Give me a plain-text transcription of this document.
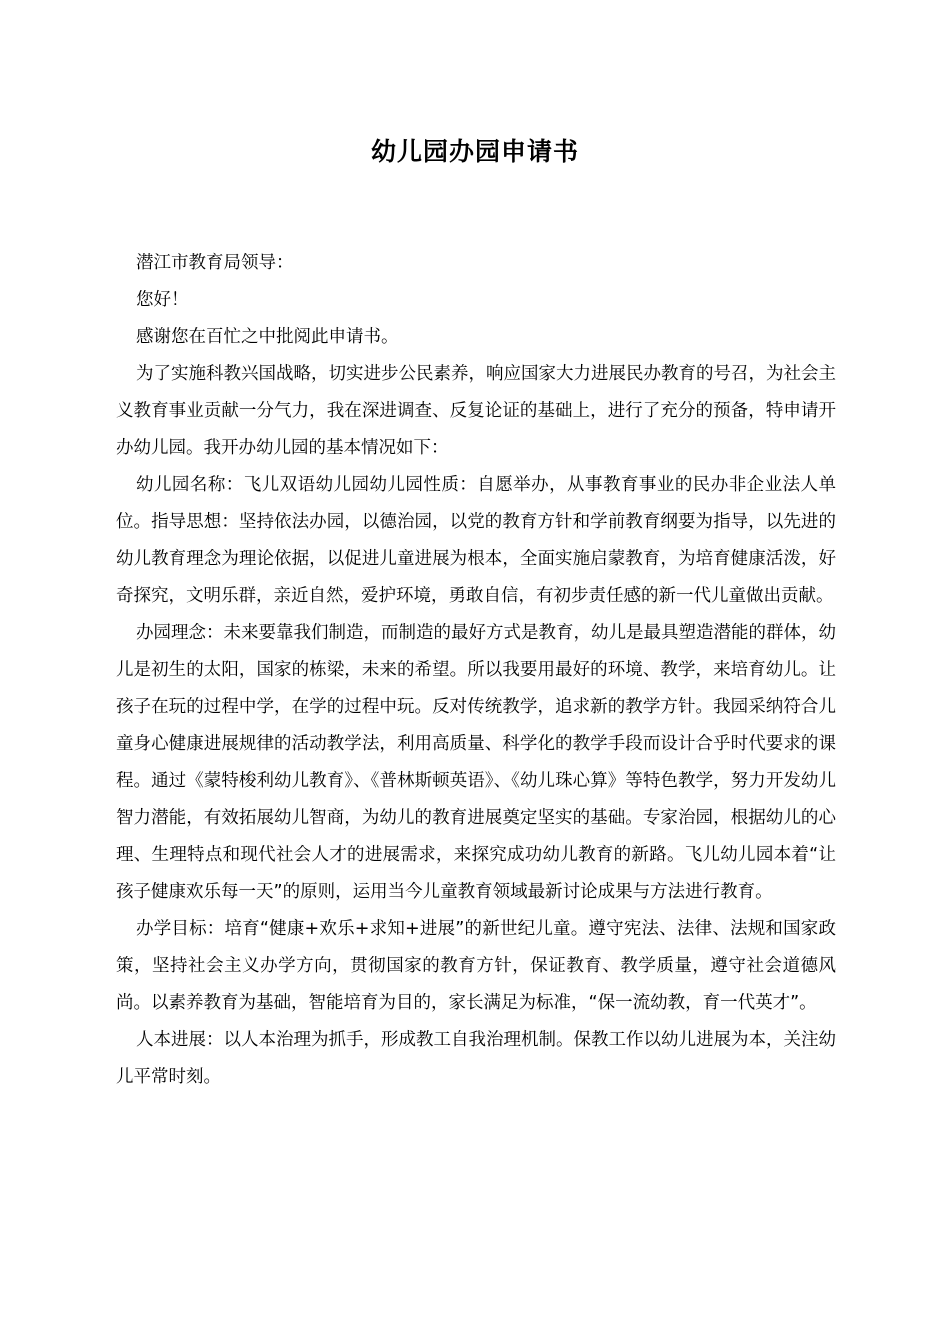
幼儿园办园申请书

潜江市教育局领导：

您好！

感谢您在百忙之中批阅此申请书。

为了实施科教兴国战略，切实进步公民素养，响应国家大力进展民办教育的号召，为社会主义教育事业贡献一分气力，我在深进调查、反复论证的基础上，进行了充分的预备，特申请开办幼儿园。我开办幼儿园的基本情况如下：

幼儿园名称：飞儿双语幼儿园幼儿园性质：自愿举办，从事教育事业的民办非企业法人单位。指导思想：坚持依法办园，以德治园，以党的教育方针和学前教育纲要为指导，以先进的幼儿教育理念为理论依据，以促进儿童进展为根本，全面实施启蒙教育，为培育健康活泼，好奇探究，文明乐群，亲近自然，爱护环境，勇敢自信，有初步责任感的新一代儿童做出贡献。

办园理念：未来要靠我们制造，而制造的最好方式是教育，幼儿是最具塑造潜能的群体，幼儿是初生的太阳，国家的栋梁，未来的希望。所以我要用最好的环境、教学，来培育幼儿。让孩子在玩的过程中学，在学的过程中玩。反对传统教学，追求新的教学方针。我园采纳符合儿童身心健康进展规律的活动教学法，利用高质量、科学化的教学手段而设计合乎时代要求的课程。通过《蒙特梭利幼儿教育》、《普林斯顿英语》、《幼儿珠心算》等特色教学，努力开发幼儿智力潜能，有效拓展幼儿智商，为幼儿的教育进展奠定坚实的基础。专家治园，根据幼儿的心理、生理特点和现代社会人才的进展需求，来探究成功幼儿教育的新路。飞儿幼儿园本着“让孩子健康欢乐每一天”的原则，运用当今儿童教育领域最新讨论成果与方法进行教育。

办学目标：培育“健康+欢乐+求知+进展”的新世纪儿童。遵守宪法、法律、法规和国家政策，坚持社会主义办学方向，贯彻国家的教育方针，保证教育、教学质量，遵守社会道德风尚。以素养教育为基础，智能培育为目的，家长满足为标准，“保一流幼教，育一代英才”。

人本进展：以人本治理为抓手，形成教工自我治理机制。保教工作以幼儿进展为本，关注幼儿平常时刻。
